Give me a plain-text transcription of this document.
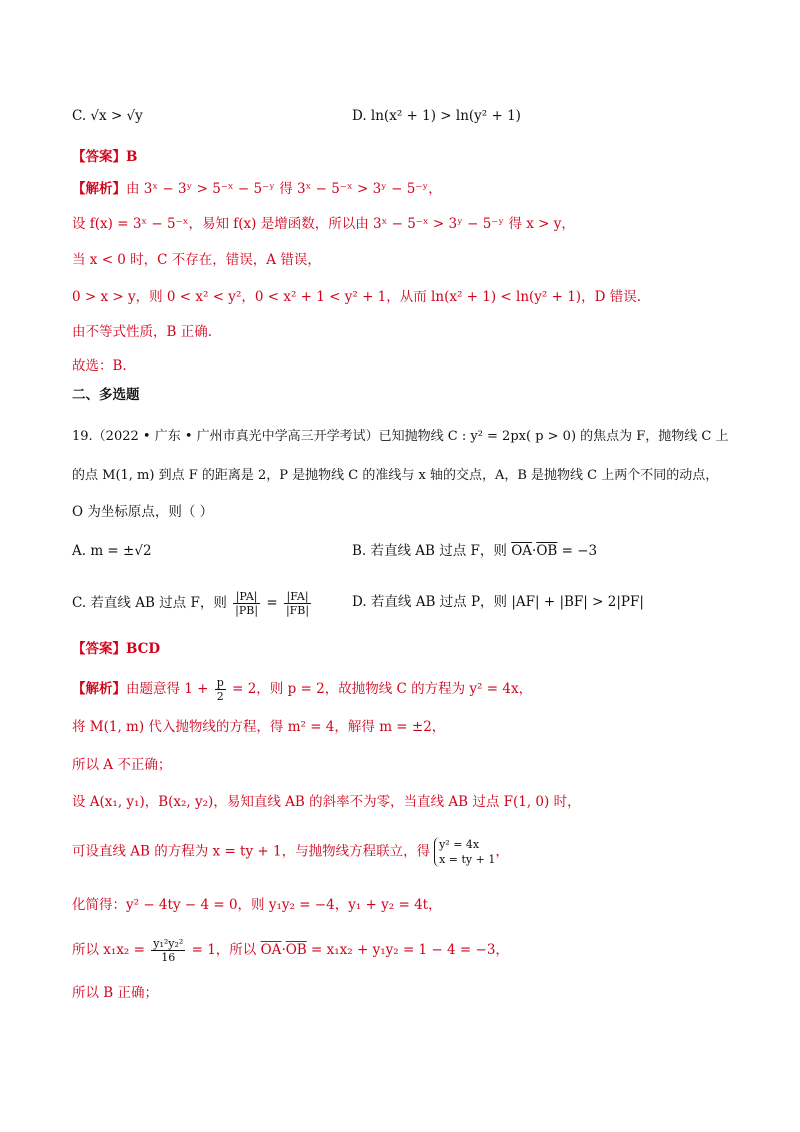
C. √x > √y	D. ln(x² + 1) > ln(y² + 1)
【答案】B
【解析】由 3ˣ − 3ʸ > 5⁻ˣ − 5⁻ʸ 得 3ˣ − 5⁻ˣ > 3ʸ − 5⁻ʸ，
设 f(x) = 3ˣ − 5⁻ˣ，易知 f(x) 是增函数，所以由 3ˣ − 5⁻ˣ > 3ʸ − 5⁻ʸ 得 x > y，
当 x < 0 时，C 不存在，错误，A 错误，
0 > x > y，则 0 < x² < y²，0 < x² + 1 < y² + 1，从而 ln(x² + 1) < ln(y² + 1)，D 错误.
由不等式性质，B 正确.
故选：B.
二、多选题
19.（2022 • 广东 • 广州市真光中学高三开学考试）已知抛物线 C : y² = 2px( p > 0) 的焦点为 F，抛物线 C 上
的点 M(1, m) 到点 F 的距离是 2，P 是抛物线 C 的准线与 x 轴的交点，A，B 是抛物线 C 上两个不同的动点，
O 为坐标原点，则（ ）
A. m = ±√2	B. 若直线 AB 过点 F，则 $\overline{OA}\cdot\overline{OB} = -3$
C. 若直线 AB 过点 F，则 $\frac{|PA|}{|PB|} = \frac{|FA|}{|FB|}$	D. 若直线 AB 过点 P，则 |AF| + |BF| > 2|PF|
【答案】BCD
【解析】由题意得 $1 + \frac{p}{2} = 2$，则 p = 2，故抛物线 C 的方程为 y² = 4x，
将 M(1, m) 代入抛物线的方程，得 m² = 4，解得 m = ±2，
所以 A 不正确；
设 A(x₁, y₁)，B(x₂, y₂)，易知直线 AB 的斜率不为零，当直线 AB 过点 F(1, 0) 时，
可设直线 AB 的方程为 x = ty + 1，与抛物线方程联立，得 y² = 4x
x = ty + 1 ，
化简得：y² − 4ty − 4 = 0，则 y₁y₂ = −4，y₁ + y₂ = 4t，
所以 $x_1x_2 = \frac{\text{y₁²y₂²}}{16} = 1$，所以 $\overline{OA}\cdot\overline{OB} = x_1x_2 + y_1y_2 = 1 - 4 = -3$，
所以 B 正确；
